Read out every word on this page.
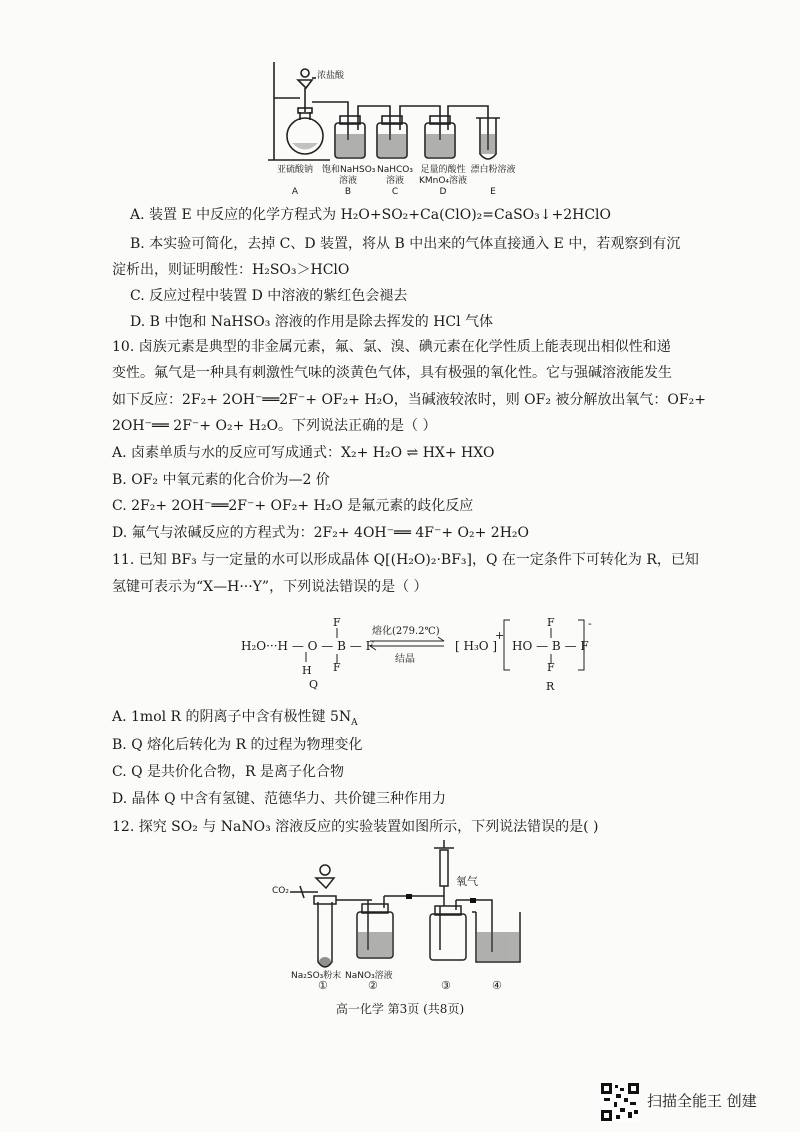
浓盐酸
亚硫酸钠	饱和NaHSO₃
溶液
NaHCO₃
溶液
足量的酸性
KMnO₄溶液
漂白粉溶液
A	B	C	D	E
A. 装置 E 中反应的化学方程式为 H₂O+SO₂+Ca(ClO)₂=CaSO₃↓+2HClO
B. 本实验可简化，去掉 C、D 装置，将从 B 中出来的气体直接通入 E 中，若观察到有沉
淀析出，则证明酸性：H₂SO₃＞HClO
C. 反应过程中装置 D 中溶液的紫红色会褪去
D. B 中饱和 NaHSO₃ 溶液的作用是除去挥发的 HCl 气体
10. 卤族元素是典型的非金属元素，氟、氯、溴、碘元素在化学性质上能表现出相似性和递
变性。氟气是一种具有刺激性气味的淡黄色气体，具有极强的氧化性。它与强碱溶液能发生
如下反应：2F₂+ 2OH⁻══2F⁻+ OF₂+ H₂O，当碱液较浓时，则 OF₂ 被分解放出氧气：OF₂+
2OH⁻══ 2F⁻+ O₂+ H₂O。下列说法正确的是（ ）
A. 卤素单质与水的反应可写成通式：X₂+ H₂O ⇌ HX+ HXO
B. OF₂ 中氧元素的化合价为—2 价
C. 2F₂+ 2OH⁻══2F⁻+ OF₂+ H₂O 是氟元素的歧化反应
D. 氟气与浓碱反应的方程式为：2F₂+ 4OH⁻══ 4F⁻+ O₂+ 2H₂O
11. 已知 BF₃ 与一定量的水可以形成晶体 Q[(H₂O)₂·BF₃]，Q 在一定条件下可转化为 R，已知
氢键可表示为“X—H···Y”，下列说法错误的是（ ）
H₂O···H — O — B — F
F
F
H
Q
熔化(279.2℃)
结晶
[ H₃O ]
+
HO — B — F
F
F
-
R
A. 1mol R 的阴离子中含有极性键 $5N_A$
B. Q 熔化后转化为 R 的过程为物理变化
C. Q 是共价化合物，R 是离子化合物
D. 晶体 Q 中含有氢键、范德华力、共价键三种作用力
12. 探究 SO₂ 与 NaNO₃ 溶液反应的实验装置如图所示，下列说法错误的是( )
CO₂
氧气
Na₂SO₃粉末 NaNO₃溶液
①	②	③	④
高一化学 第3页 (共8页)
扫描全能王 创建
